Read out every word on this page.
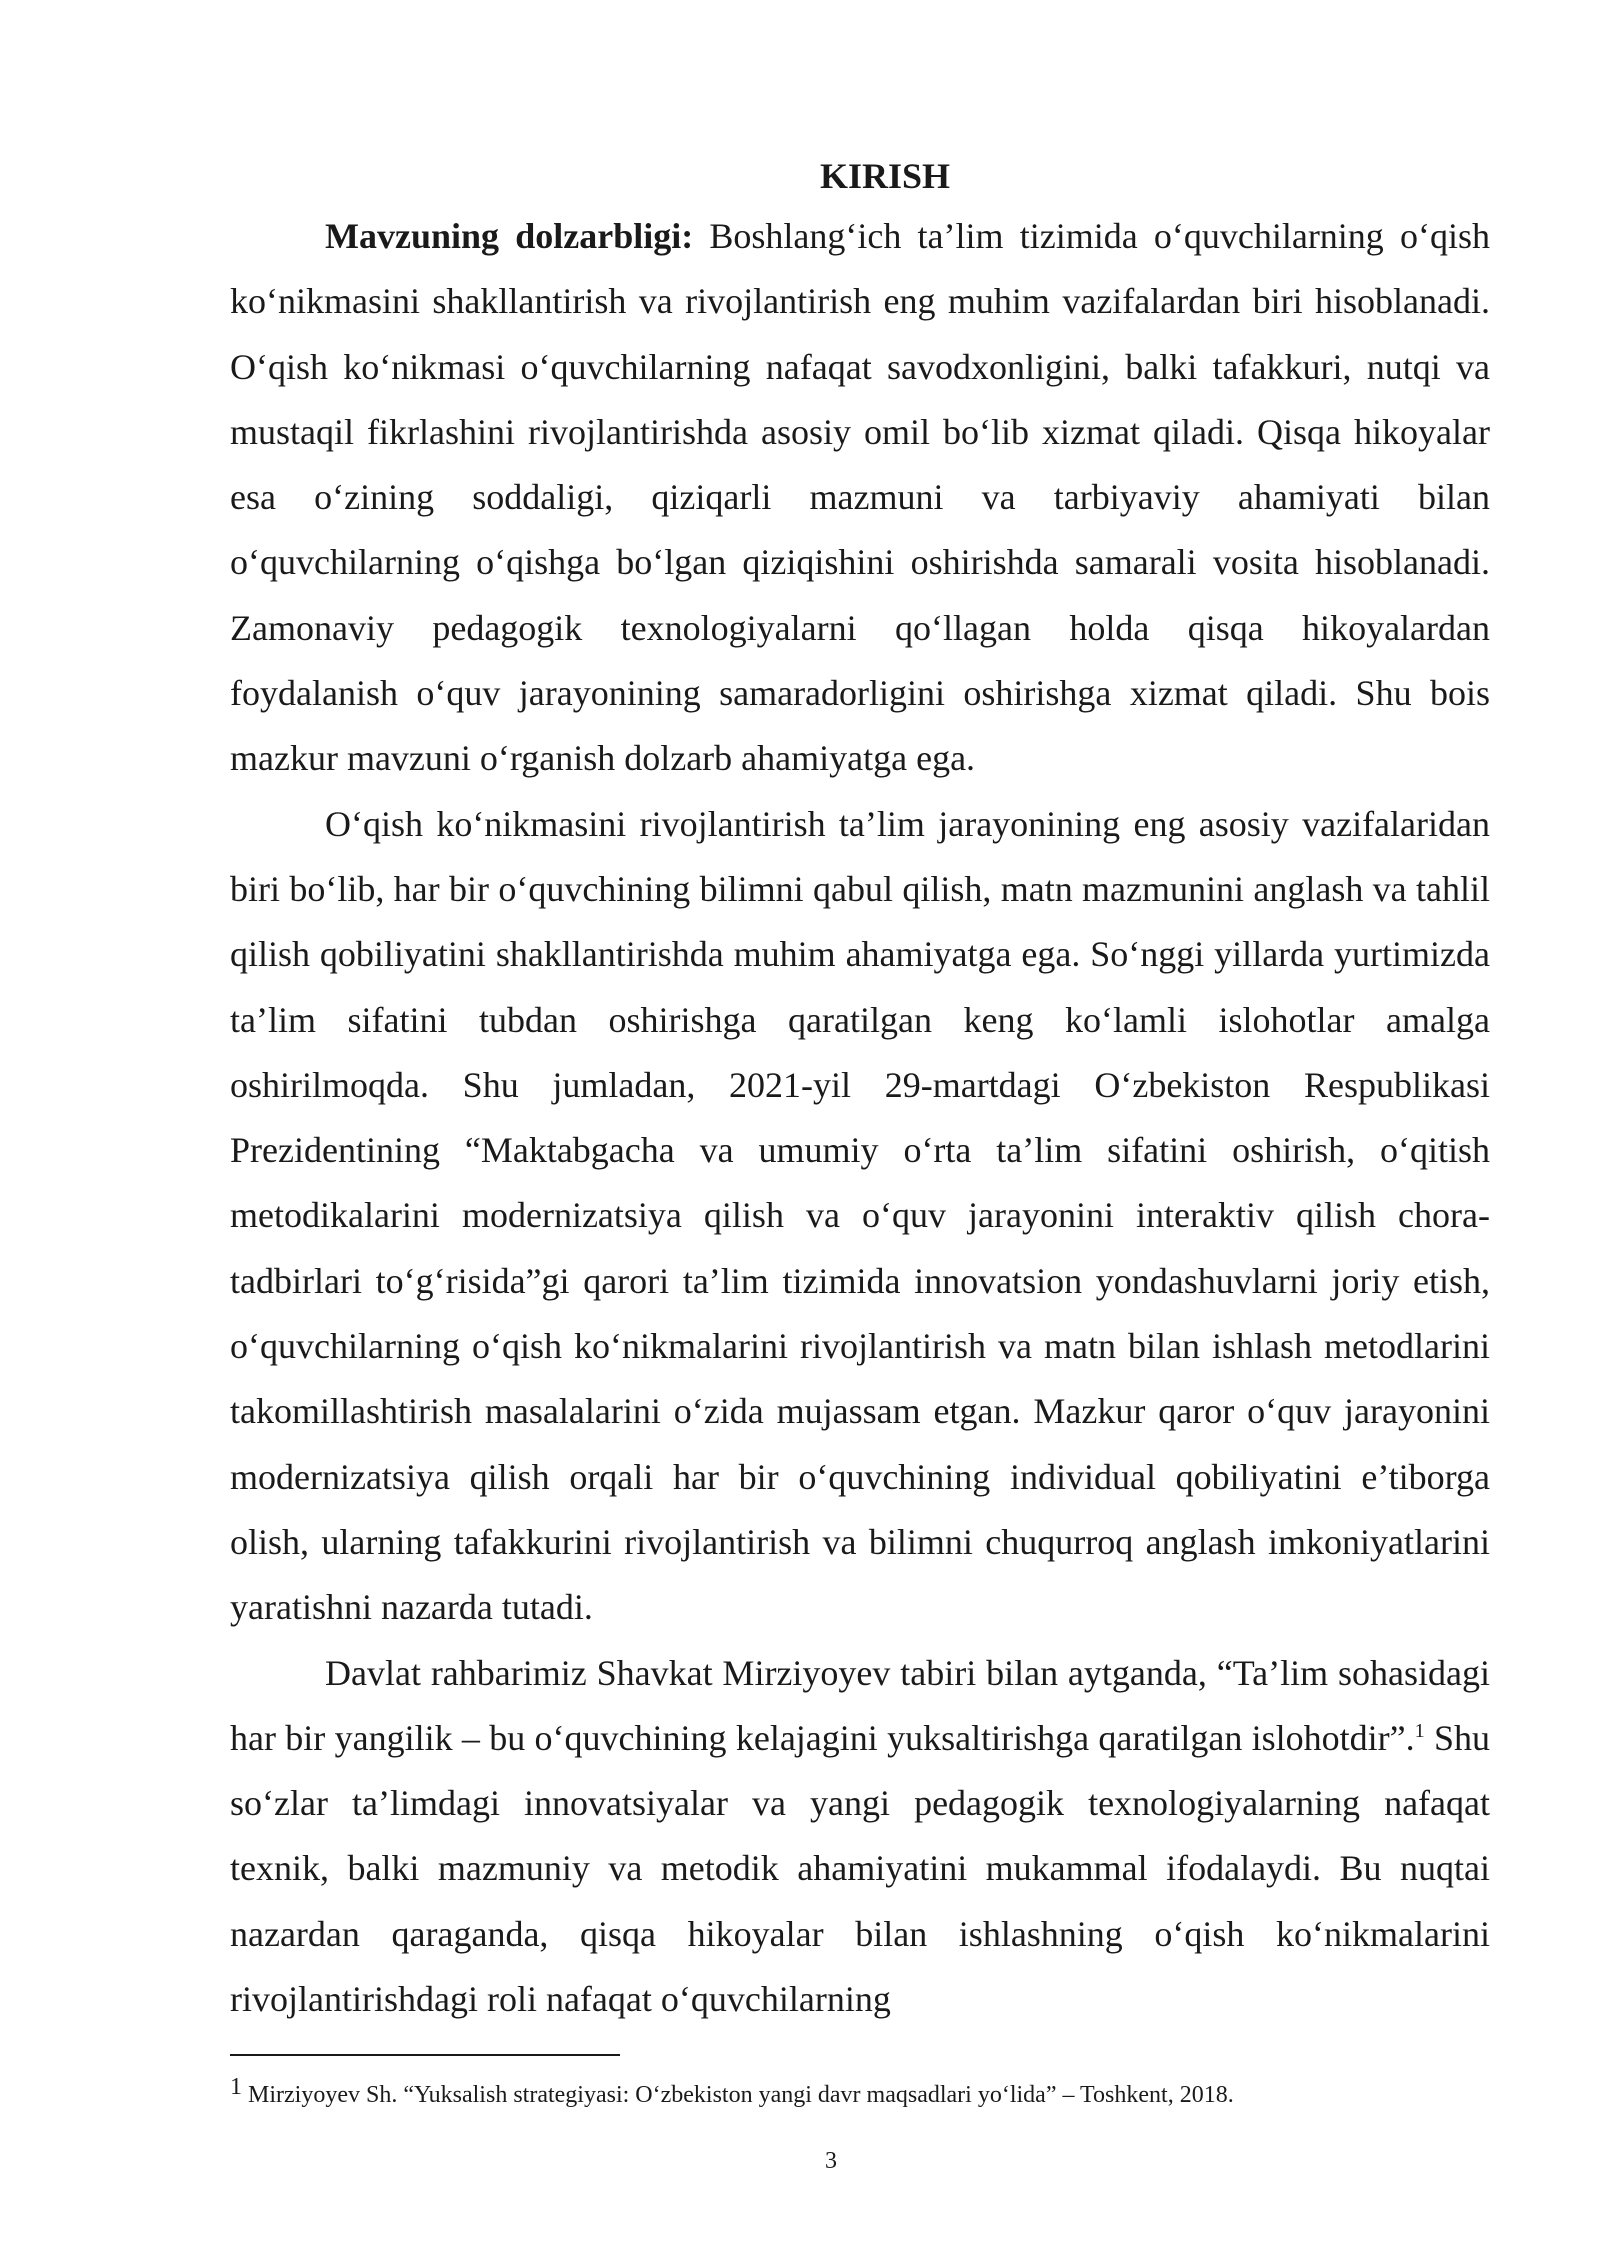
KIRISH

Mavzuning dolzarbligi: Boshlang‘ich ta’lim tizimida o‘quvchilarning o‘qish ko‘nikmasini shakllantirish va rivojlantirish eng muhim vazifalardan biri hisoblanadi. O‘qish ko‘nikmasi o‘quvchilarning nafaqat savodxonligini, balki tafakkuri, nutqi va mustaqil fikrlashini rivojlantirishda asosiy omil bo‘lib xizmat qiladi. Qisqa hikoyalar esa o‘zining soddaligi, qiziqarli mazmuni va tarbiyaviy ahamiyati bilan o‘quvchilarning o‘qishga bo‘lgan qiziqishini oshirishda samarali vosita hisoblanadi. Zamonaviy pedagogik texnologiyalarni qo‘llagan holda qisqa hikoyalardan foydalanish o‘quv jarayonining samaradorligini oshirishga xizmat qiladi. Shu bois mazkur mavzuni o‘rganish dolzarb ahamiyatga ega.

O‘qish ko‘nikmasini rivojlantirish ta’lim jarayonining eng asosiy vazifalaridan biri bo‘lib, har bir o‘quvchining bilimni qabul qilish, matn mazmunini anglash va tahlil qilish qobiliyatini shakllantirishda muhim ahamiyatga ega. So‘nggi yillarda yurtimizda ta’lim sifatini tubdan oshirishga qaratilgan keng ko‘lamli islohotlar amalga oshirilmoqda. Shu jumladan, 2021-yil 29-martdagi O‘zbekiston Respublikasi Prezidentining “Maktabgacha va umumiy o‘rta ta’lim sifatini oshirish, o‘qitish metodikalarini modernizatsiya qilish va o‘quv jarayonini interaktiv qilish chora-tadbirlari to‘g‘risida”gi qarori ta’lim tizimida innovatsion yondashuvlarni joriy etish, o‘quvchilarning o‘qish ko‘nikmalarini rivojlantirish va matn bilan ishlash metodlarini takomillashtirish masalalarini o‘zida mujassam etgan. Mazkur qaror o‘quv jarayonini modernizatsiya qilish orqali har bir o‘quvchining individual qobiliyatini e’tiborga olish, ularning tafakkurini rivojlantirish va bilimni chuqurroq anglash imkoniyatlarini yaratishni nazarda tutadi.

Davlat rahbarimiz Shavkat Mirziyoyev tabiri bilan aytganda, “Ta’lim sohasidagi har bir yangilik – bu o‘quvchining kelajagini yuksaltirishga qaratilgan islohotdir”.$^1$ Shu so‘zlar ta’limdagi innovatsiyalar va yangi pedagogik texnologiyalarning nafaqat texnik, balki mazmuniy va metodik ahamiyatini mukammal ifodalaydi. Bu nuqtai nazardan qaraganda, qisqa hikoyalar bilan ishlashning o‘qish ko‘nikmalarini rivojlantirishdagi roli nafaqat o‘quvchilarning

$^1$ Mirziyoyev Sh. “Yuksalish strategiyasi: O‘zbekiston yangi davr maqsadlari yo‘lida” – Toshkent, 2018.
3
